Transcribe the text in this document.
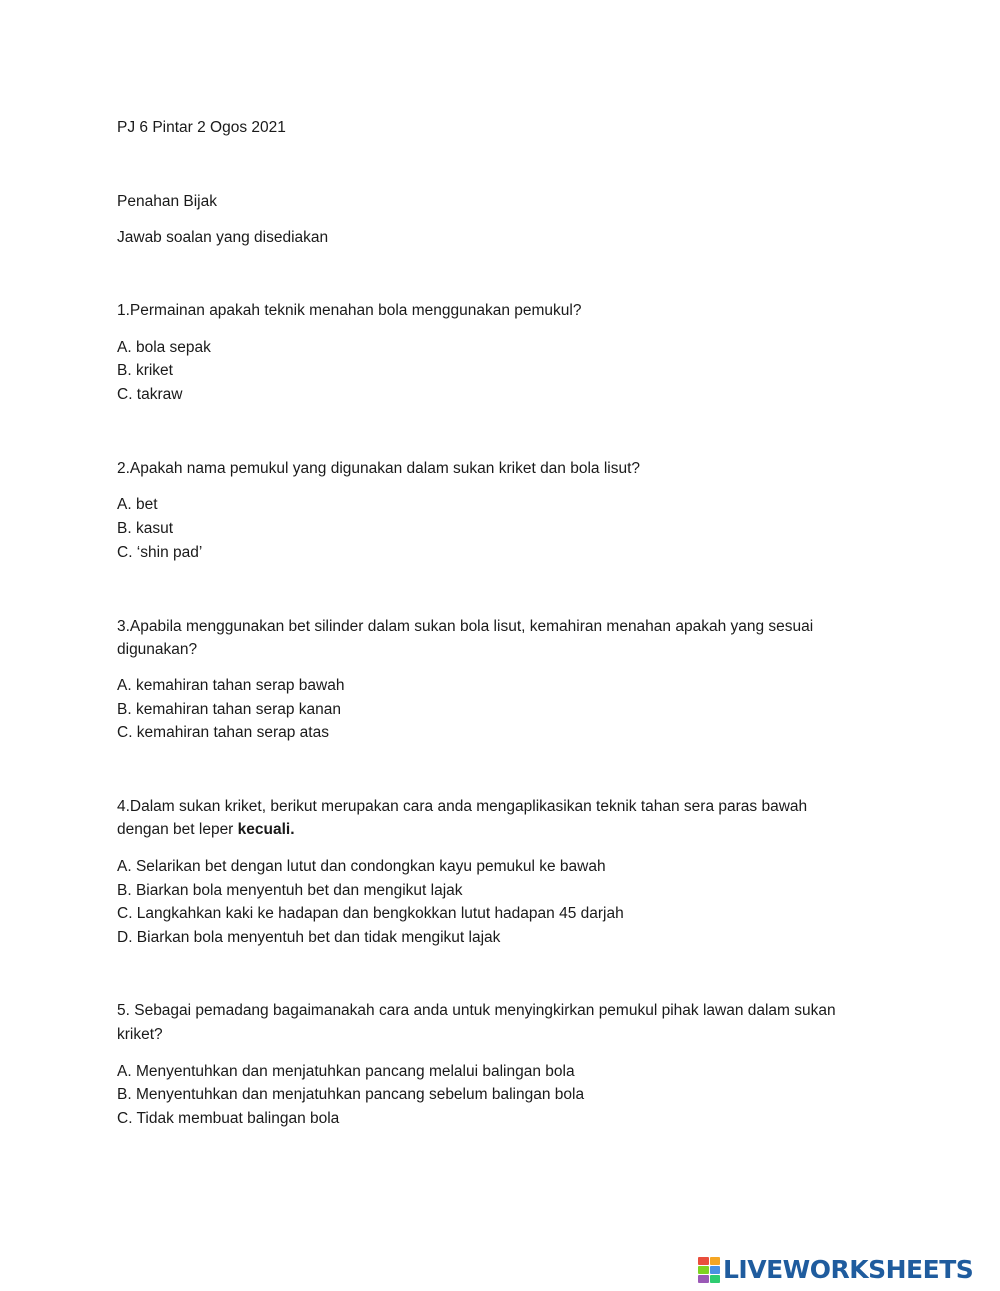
PJ 6 Pintar 2 Ogos 2021
Penahan Bijak
Jawab soalan yang disediakan
1.Permainan apakah teknik menahan bola menggunakan pemukul?
A. bola sepak
B. kriket
C. takraw
2.Apakah nama pemukul yang digunakan dalam sukan kriket dan bola lisut?
A. bet
B. kasut
C. ‘shin pad’
3.Apabila menggunakan bet silinder dalam sukan bola lisut, kemahiran menahan apakah yang sesuai
digunakan?
A. kemahiran tahan serap bawah
B. kemahiran tahan serap kanan
C. kemahiran tahan serap atas
4.Dalam sukan kriket, berikut merupakan cara anda mengaplikasikan teknik tahan sera paras bawah
dengan bet leper kecuali.
A. Selarikan bet dengan lutut dan condongkan kayu pemukul ke bawah
B. Biarkan bola menyentuh bet dan mengikut lajak
C. Langkahkan kaki ke hadapan dan bengkokkan lutut hadapan 45 darjah
D. Biarkan bola menyentuh bet dan tidak mengikut lajak
5. Sebagai pemadang bagaimanakah cara anda untuk menyingkirkan pemukul pihak lawan dalam sukan
kriket?
A. Menyentuhkan dan menjatuhkan pancang melalui balingan bola
B. Menyentuhkan dan menjatuhkan pancang sebelum balingan bola
C. Tidak membuat balingan bola
LIVEWORKSHEETS
